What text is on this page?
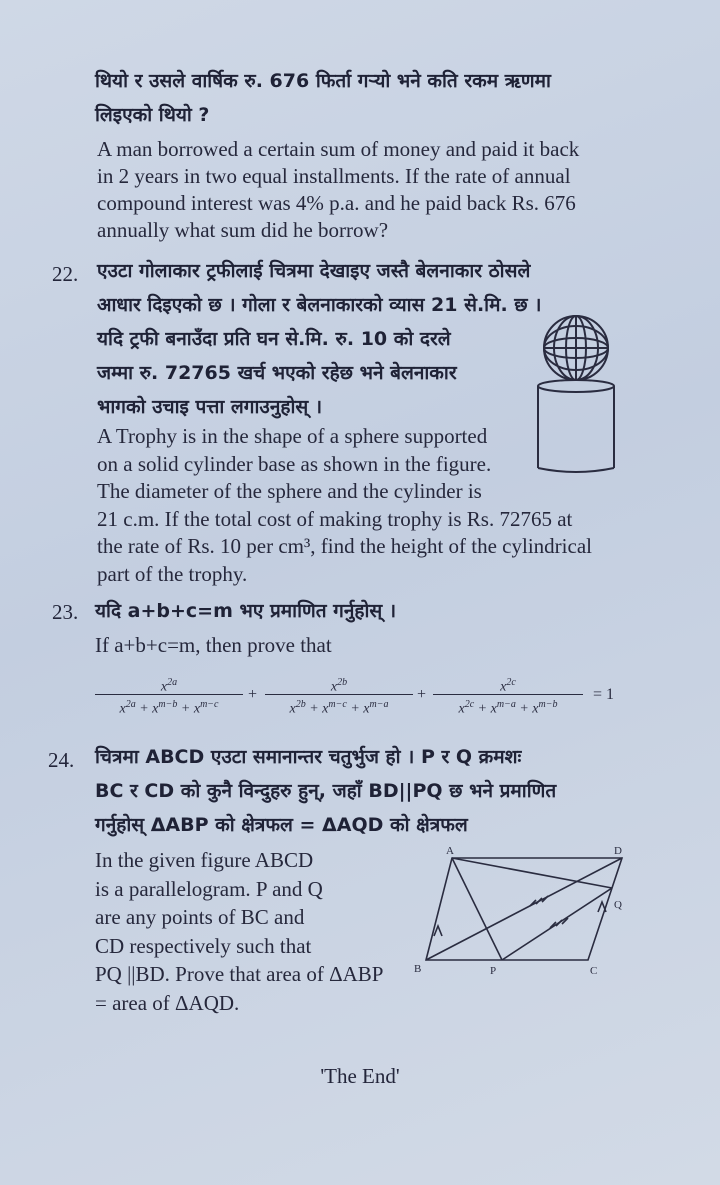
थियो र उसले वार्षिक रु. 676 फिर्ता गर्‍यो भने कति रकम ऋणमा
लिइएको थियो ?
A man borrowed a certain sum of money and paid it back
in 2 years in two equal installments. If the rate of annual
compound interest was 4% p.a. and he paid back Rs. 676
annually what sum did he borrow?
22. एउटा गोलाकार ट्रफीलाई चित्रमा देखाइए जस्तै बेलनाकार ठोसले
आधार दिइएको छ । गोला र बेलनाकारको व्यास 21 से.मि. छ ।
यदि ट्रफी बनाउँदा प्रति घन से.मि. रु. 10 को दरले
जम्मा रु. 72765 खर्च भएको रहेछ भने बेलनाकार
भागको उचाइ पत्ता लगाउनुहोस् ।
A Trophy is in the shape of a sphere supported
on a solid cylinder base as shown in the figure.
The diameter of the sphere and the cylinder is
21 c.m. If the total cost of making trophy is Rs. 72765 at
the rate of Rs. 10 per cm³, find the height of the cylindrical
part of the trophy.
23. यदि a+b+c=m भए प्रमाणित गर्नुहोस् ।
If a+b+c=m, then prove that
$x^{2a}$
$x^{2a} + x^{m-b} + x^{m-c}$
+	$x^{2b}$
$x^{2b} + x^{m-c} + x^{m-a}$
+	$x^{2c}$
$x^{2c} + x^{m-a} + x^{m-b}$
= 1
24. चित्रमा ABCD एउटा समानान्तर चतुर्भुज हो । P र Q क्रमशः
BC र CD को कुनै विन्दुहरु हुन्, जहाँ BD||PQ छ भने प्रमाणित
गर्नुहोस् ΔABP को क्षेत्रफल = ΔAQD को क्षेत्रफल
In the given figure ABCD
is a parallelogram. P and Q
are any points of BC and
CD respectively such that
PQ ||BD. Prove that area of ΔABP
= area of ΔAQD.
A	D
B	C
P
Q
'The End'
